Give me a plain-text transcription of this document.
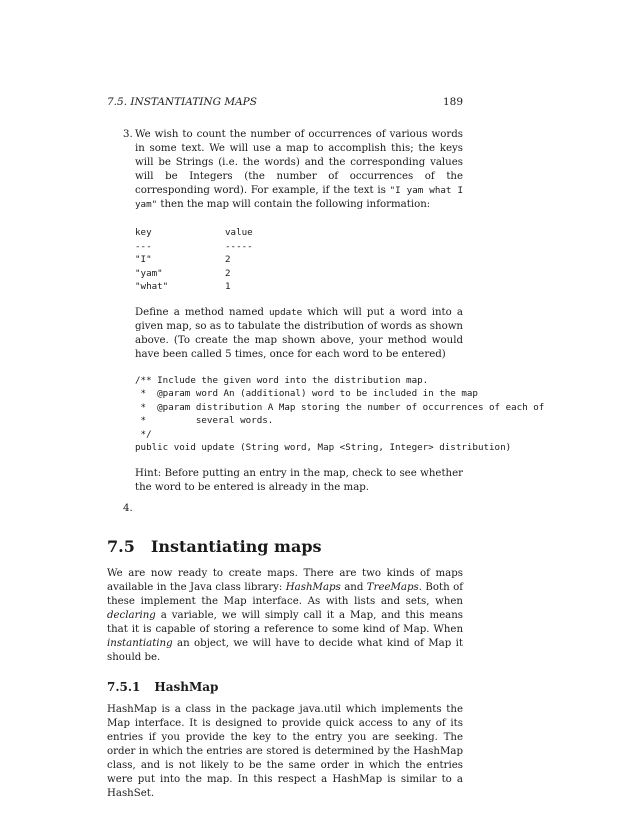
7.5. INSTANTIATING MAPS	189
3. We wish to count the number of occurrences of various words in some text. We will use a map to accomplish this; the keys will be Strings (i.e. the words) and the corresponding values will be Integers (the number of occurrences of the corresponding word). For example, if the text is "I yam what I yam" then the map will contain the following information:

key	value
---	-----
"I"	2
"yam"	2
"what"	1

Define a method named update which will put a word into a given map, so as to tabulate the distribution of words as shown above. (To create the map shown above, your method would have been called 5 times, once for each word to be entered)

/** Include the given word into the distribution map.
*  @param word An (additional) word to be included in the map
*  @param distribution A Map storing the number of occurrences of each of
*         several words.
*/
public void update (String word, Map <String, Integer> distribution)

Hint: Before putting an entry in the map, check to see whether the word to be entered is already in the map.

4.
7.5 Instantiating maps

We are now ready to create maps. There are two kinds of maps available in the Java class library: HashMaps and TreeMaps. Both of these implement the Map interface. As with lists and sets, when declaring a variable, we will simply call it a Map, and this means that it is capable of storing a reference to some kind of Map. When instantiating an object, we will have to decide what kind of Map it should be.

7.5.1 HashMap

HashMap is a class in the package java.util which implements the Map interface. It is designed to provide quick access to any of its entries if you provide the key to the entry you are seeking. The order in which the entries are stored is determined by the HashMap class, and is not likely to be the same order in which the entries were put into the map. In this respect a HashMap is similar to a HashSet.
